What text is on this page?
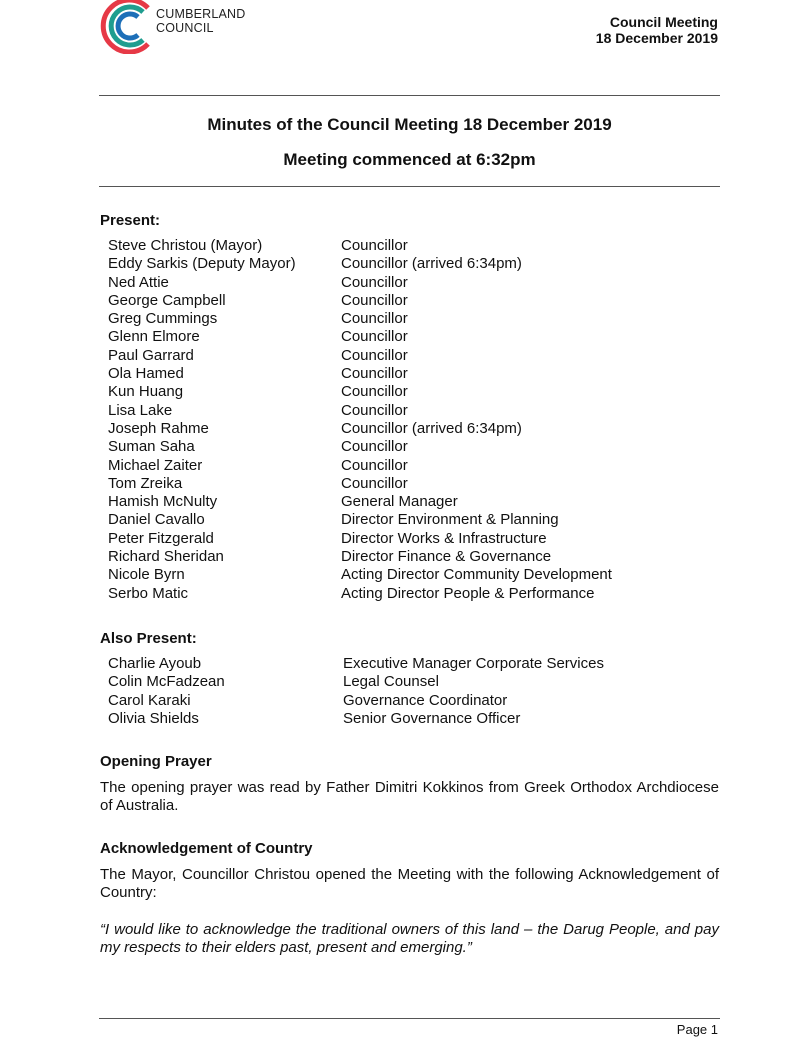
CUMBERLAND
COUNCIL	Council Meeting
18 December 2019
Minutes of the Council Meeting 18 December 2019
Meeting commenced at 6:32pm
Present:
Steve Christou (Mayor)	Councillor
Eddy Sarkis (Deputy Mayor)	Councillor (arrived 6:34pm)
Ned Attie	Councillor
George Campbell	Councillor
Greg Cummings	Councillor
Glenn Elmore	Councillor
Paul Garrard	Councillor
Ola Hamed	Councillor
Kun Huang	Councillor
Lisa Lake	Councillor
Joseph Rahme	Councillor (arrived 6:34pm)
Suman Saha	Councillor
Michael Zaiter	Councillor
Tom Zreika	Councillor
Hamish McNulty	General Manager
Daniel Cavallo	Director Environment & Planning
Peter Fitzgerald	Director Works & Infrastructure
Richard Sheridan	Director Finance & Governance
Nicole Byrn	Acting Director Community Development
Serbo Matic	Acting Director People & Performance
Also Present:
Charlie Ayoub	Executive Manager Corporate Services
Colin McFadzean	Legal Counsel
Carol Karaki	Governance Coordinator
Olivia Shields	Senior Governance Officer
Opening Prayer
The opening prayer was read by Father Dimitri Kokkinos from Greek Orthodox Archdiocese of Australia.
Acknowledgement of Country
The Mayor, Councillor Christou opened the Meeting with the following Acknowledgement of Country:
“I would like to acknowledge the traditional owners of this land – the Darug People, and pay my respects to their elders past, present and emerging.”
Page 1
